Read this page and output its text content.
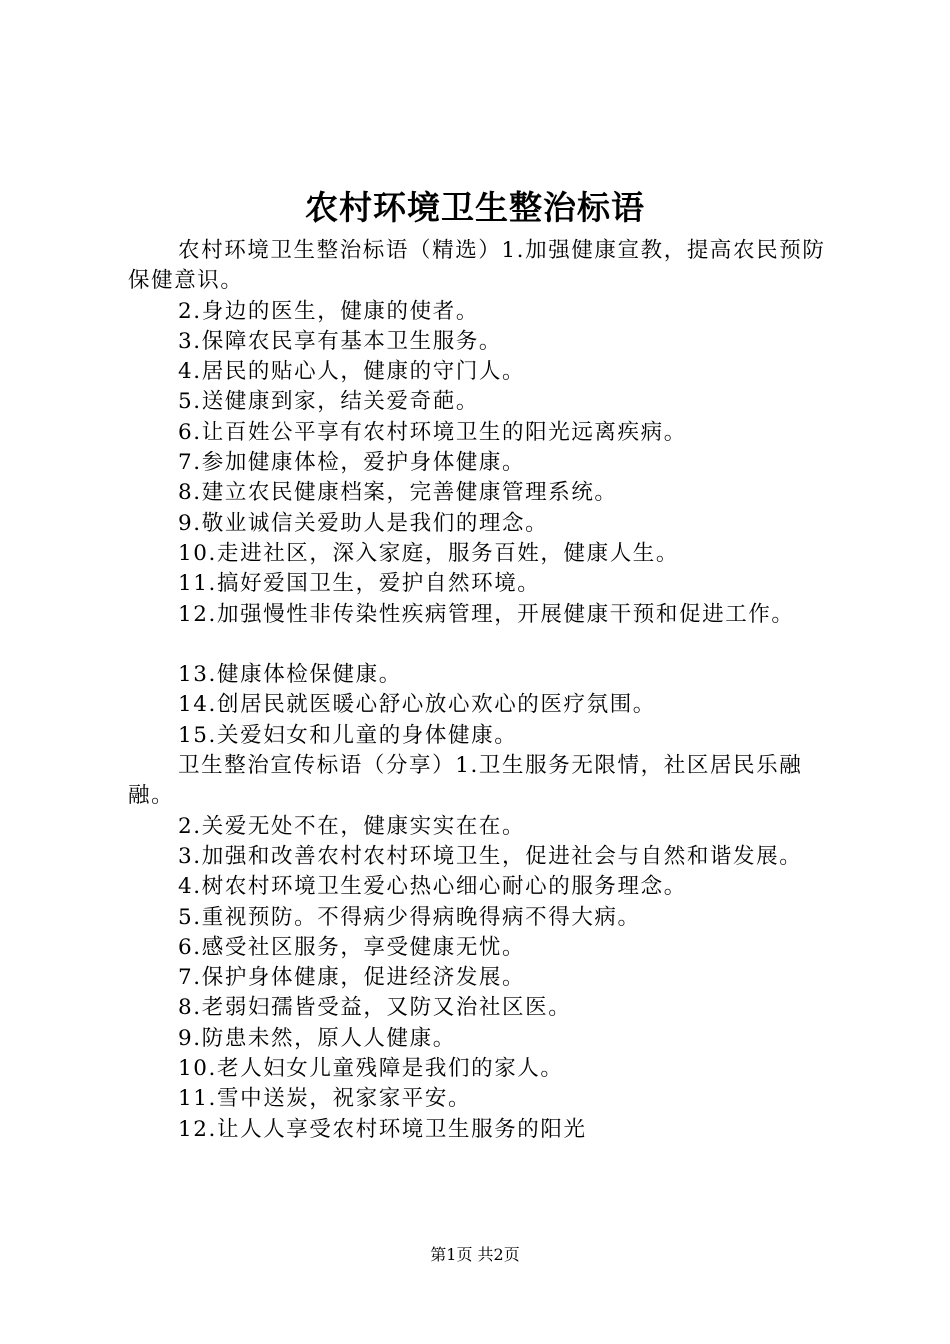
农村环境卫生整治标语

农村环境卫生整治标语（精选）1.加强健康宣教，提高农民预防保健意识。

2.身边的医生，健康的使者。

3.保障农民享有基本卫生服务。

4.居民的贴心人，健康的守门人。

5.送健康到家，结关爱奇葩。

6.让百姓公平享有农村环境卫生的阳光远离疾病。

7.参加健康体检，爱护身体健康。

8.建立农民健康档案，完善健康管理系统。

9.敬业诚信关爱助人是我们的理念。

10.走进社区，深入家庭，服务百姓，健康人生。

11.搞好爱国卫生，爱护自然环境。

12.加强慢性非传染性疾病管理，开展健康干预和促进工作。

13.健康体检保健康。

14.创居民就医暖心舒心放心欢心的医疗氛围。

15.关爱妇女和儿童的身体健康。

卫生整治宣传标语（分享）1.卫生服务无限情，社区居民乐融融。

2.关爱无处不在，健康实实在在。

3.加强和改善农村农村环境卫生，促进社会与自然和谐发展。

4.树农村环境卫生爱心热心细心耐心的服务理念。

5.重视预防。不得病少得病晚得病不得大病。

6.感受社区服务，享受健康无忧。

7.保护身体健康，促进经济发展。

8.老弱妇孺皆受益，又防又治社区医。

9.防患未然，原人人健康。

10.老人妇女儿童残障是我们的家人。

11.雪中送炭，祝家家平安。

12.让人人享受农村环境卫生服务的阳光

第1页 共2页
